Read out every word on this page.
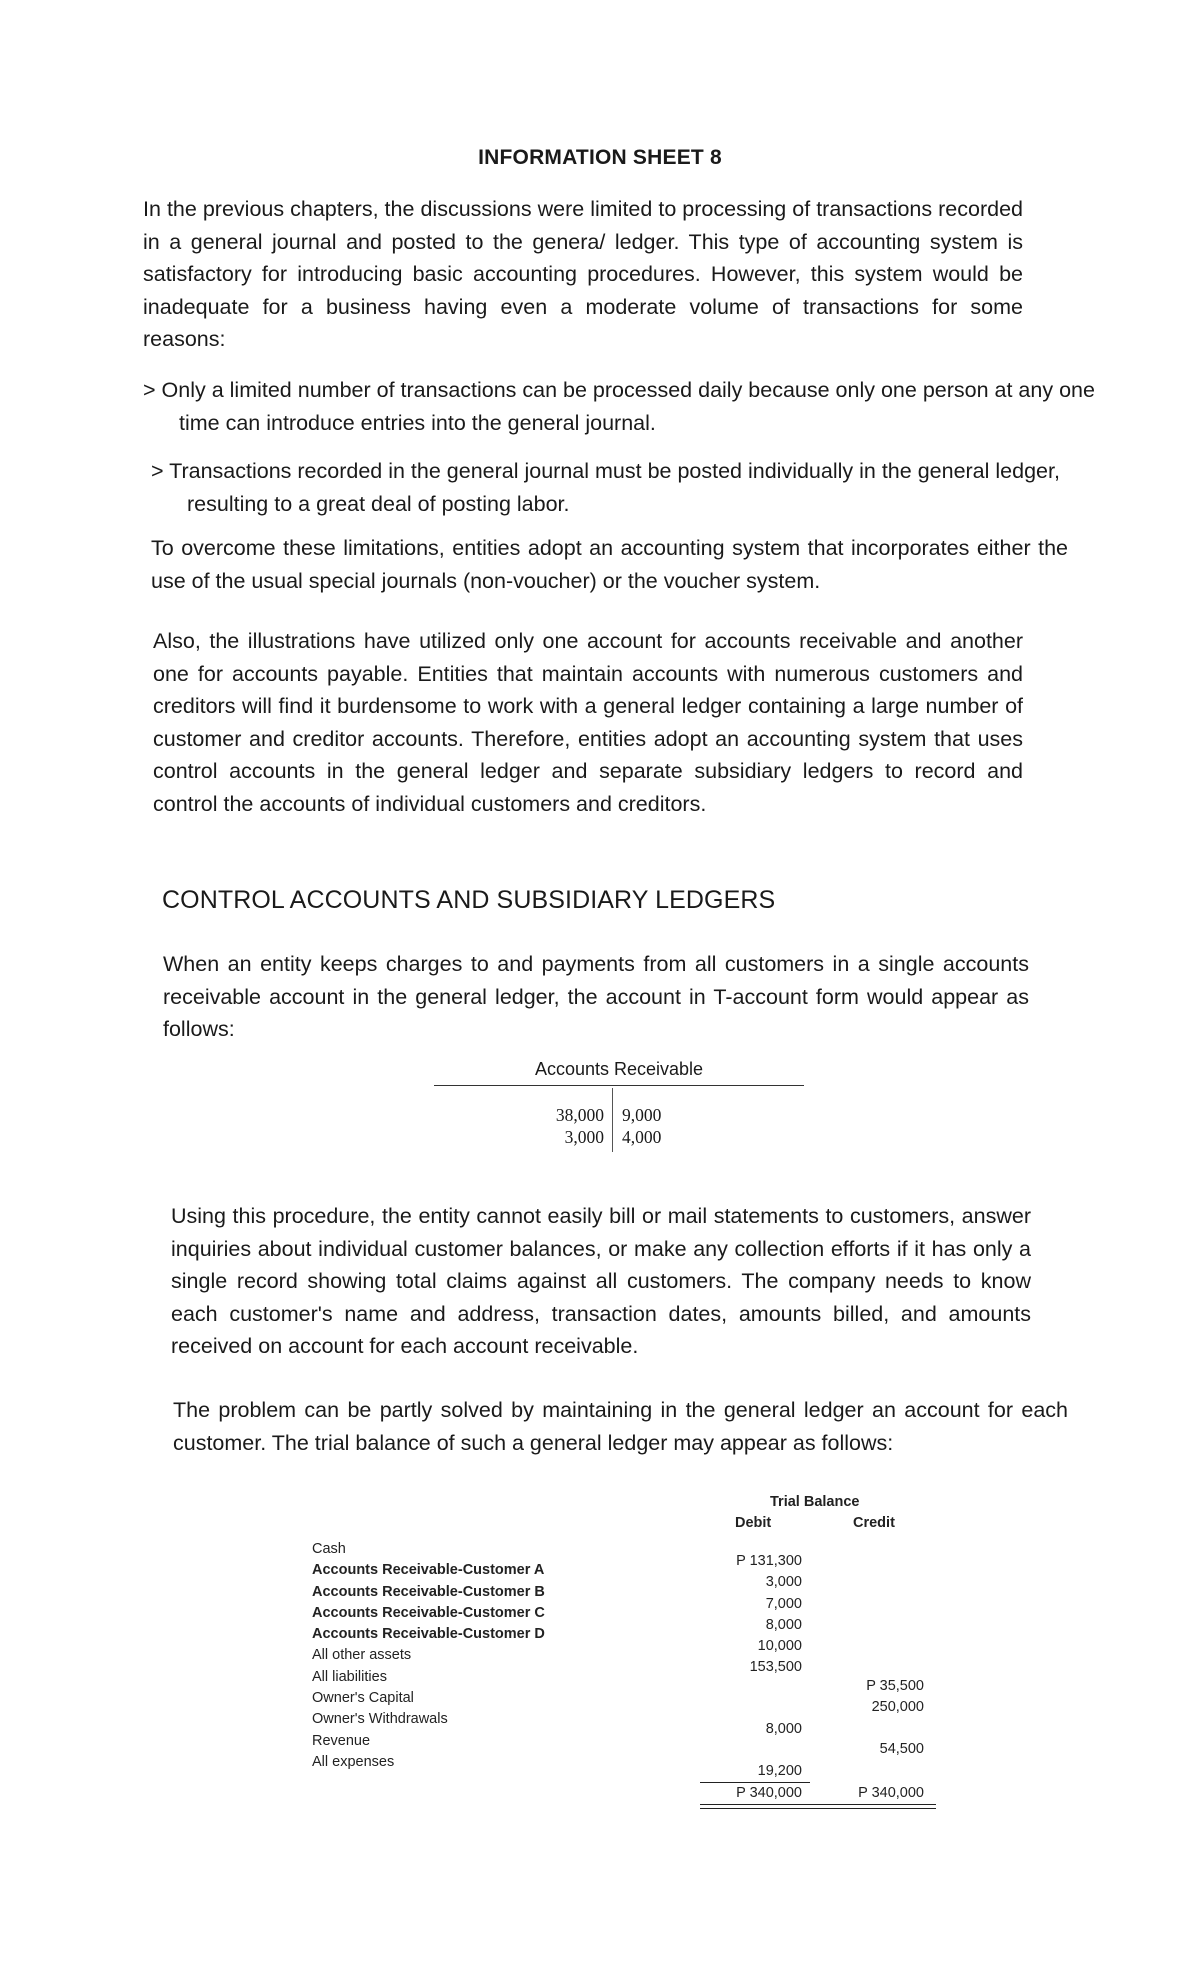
INFORMATION SHEET 8

In the previous chapters, the discussions were limited to processing of transactions recorded in a general journal and posted to the genera/ ledger. This type of accounting system is satisfactory for introducing basic accounting procedures. However, this system would be inadequate for a business having even a moderate volume of transactions for some reasons:

> Only a limited number of transactions can be processed daily because only one person at any one time can introduce entries into the general journal.

> Transactions recorded in the general journal must be posted individually in the general ledger, resulting to a great deal of posting labor.

To overcome these limitations, entities adopt an accounting system that incorporates either the use of the usual special journals (non-voucher) or the voucher system.

Also, the illustrations have utilized only one account for accounts receivable and another one for accounts payable. Entities that maintain accounts with numerous customers and creditors will find it burdensome to work with a general ledger containing a large number of customer and creditor accounts. Therefore, entities adopt an accounting system that uses control accounts in the general ledger and separate subsidiary ledgers to record and control the accounts of individual customers and creditors.

CONTROL ACCOUNTS AND SUBSIDIARY LEDGERS

When an entity keeps charges to and payments from all customers in a single accounts receivable account in the general ledger, the account in T-account form would appear as follows:

Accounts Receivable
38,000
3,000
9,000
4,000

Using this procedure, the entity cannot easily bill or mail statements to customers, answer inquiries about individual customer balances, or make any collection efforts if it has only a single record showing total claims against all customers. The company needs to know each customer's name and address, transaction dates, amounts billed, and amounts received on account for each account receivable.

The problem can be partly solved by maintaining in the general ledger an account for each customer. The trial balance of such a general ledger may appear as follows:

Trial Balance
Debit	Credit
Cash
Accounts Receivable-Customer A
Accounts Receivable-Customer B
Accounts Receivable-Customer C
Accounts Receivable-Customer D
All other assets
All liabilities
Owner's Capital
Owner's Withdrawals
Revenue
All expenses
P 131,300
3,000
7,000
8,000
10,000
153,500
8,000
19,200
P 35,500
250,000
54,500
P 340,000	P 340,000
